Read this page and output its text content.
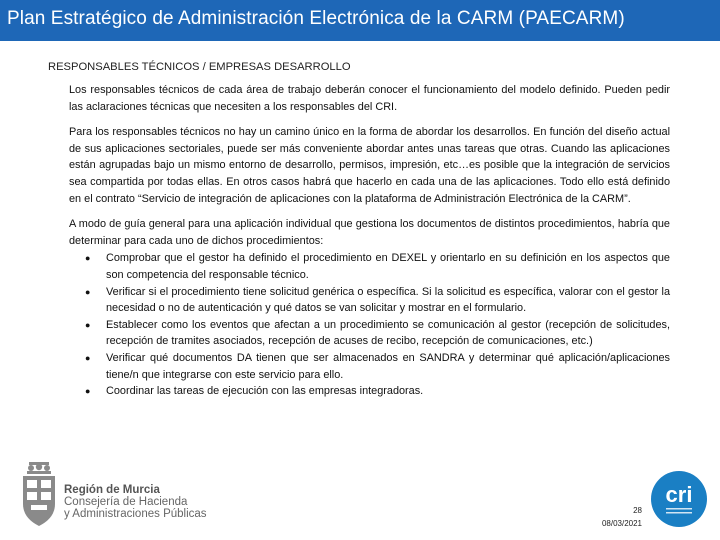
Plan Estratégico de Administración Electrónica de la CARM (PAECARM)
RESPONSABLES TÉCNICOS / EMPRESAS DESARROLLO

Los responsables técnicos de cada área de trabajo deberán conocer el funcionamiento del modelo definido. Pueden pedir las aclaraciones técnicas que necesiten a los responsables del CRI.

Para los responsables técnicos no hay un camino único en la forma de abordar los desarrollos. En función del diseño actual de sus aplicaciones sectoriales, puede ser más conveniente abordar antes unas tareas que otras. Cuando las aplicaciones están agrupadas bajo un mismo entorno de desarrollo, permisos, impresión, etc…es posible que la integración de servicios sea compartida por todas ellas. En otros casos habrá que hacerlo en cada una de las aplicaciones. Todo ello está definido en el contrato “Servicio de integración de aplicaciones con la plataforma de Administración Electrónica de la CARM”.

A modo de guía general para una aplicación individual que gestiona los documentos de distintos procedimientos, habría que determinar para cada uno de dichos procedimientos:

● Comprobar que el gestor ha definido el procedimiento en DEXEL y orientarlo en su definición en los aspectos que son competencia del responsable técnico.
● Verificar si el procedimiento tiene solicitud genérica o específica. Si la solicitud es específica, valorar con el gestor la necesidad o no de autenticación y qué datos se van solicitar y mostrar en el formulario.
● Establecer como los eventos que afectan a un procedimiento se comunicación al gestor (recepción de solicitudes, recepción de tramites asociados, recepción de acuses de recibo, recepción de comunicaciones, etc.)
● Verificar qué documentos DA tienen que ser almacenados en SANDRA y determinar qué aplicación/aplicaciones tiene/n que integrarse con este servicio para ello.
● Coordinar las tareas de ejecución con las empresas integradoras.
Región de Murcia
Consejería de Hacienda
y Administraciones Públicas	28
08/03/2021
cri
